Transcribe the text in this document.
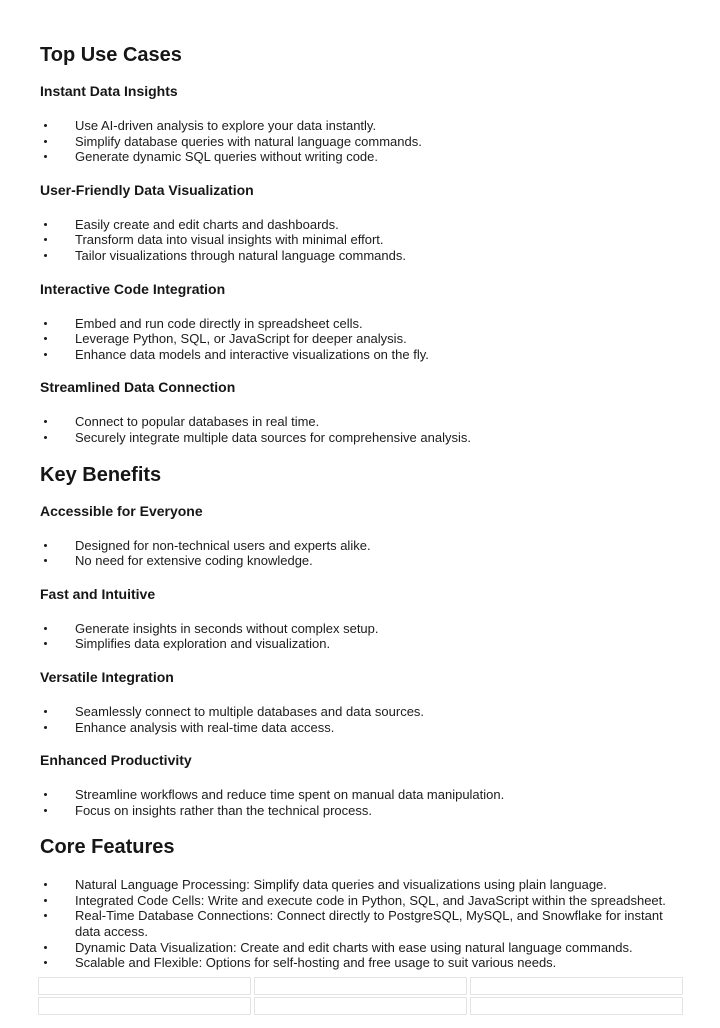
Top Use Cases
Instant Data Insights
Use AI-driven analysis to explore your data instantly.
Simplify database queries with natural language commands.
Generate dynamic SQL queries without writing code.
User-Friendly Data Visualization
Easily create and edit charts and dashboards.
Transform data into visual insights with minimal effort.
Tailor visualizations through natural language commands.
Interactive Code Integration
Embed and run code directly in spreadsheet cells.
Leverage Python, SQL, or JavaScript for deeper analysis.
Enhance data models and interactive visualizations on the fly.
Streamlined Data Connection
Connect to popular databases in real time.
Securely integrate multiple data sources for comprehensive analysis.
Key Benefits
Accessible for Everyone
Designed for non-technical users and experts alike.
No need for extensive coding knowledge.
Fast and Intuitive
Generate insights in seconds without complex setup.
Simplifies data exploration and visualization.
Versatile Integration
Seamlessly connect to multiple databases and data sources.
Enhance analysis with real-time data access.
Enhanced Productivity
Streamline workflows and reduce time spent on manual data manipulation.
Focus on insights rather than the technical process.
Core Features
Natural Language Processing: Simplify data queries and visualizations using plain language.
Integrated Code Cells: Write and execute code in Python, SQL, and JavaScript within the spreadsheet.
Real-Time Database Connections: Connect directly to PostgreSQL, MySQL, and Snowflake for instant data access.
Dynamic Data Visualization: Create and edit charts with ease using natural language commands.
Scalable and Flexible: Options for self-hosting and free usage to suit various needs.
